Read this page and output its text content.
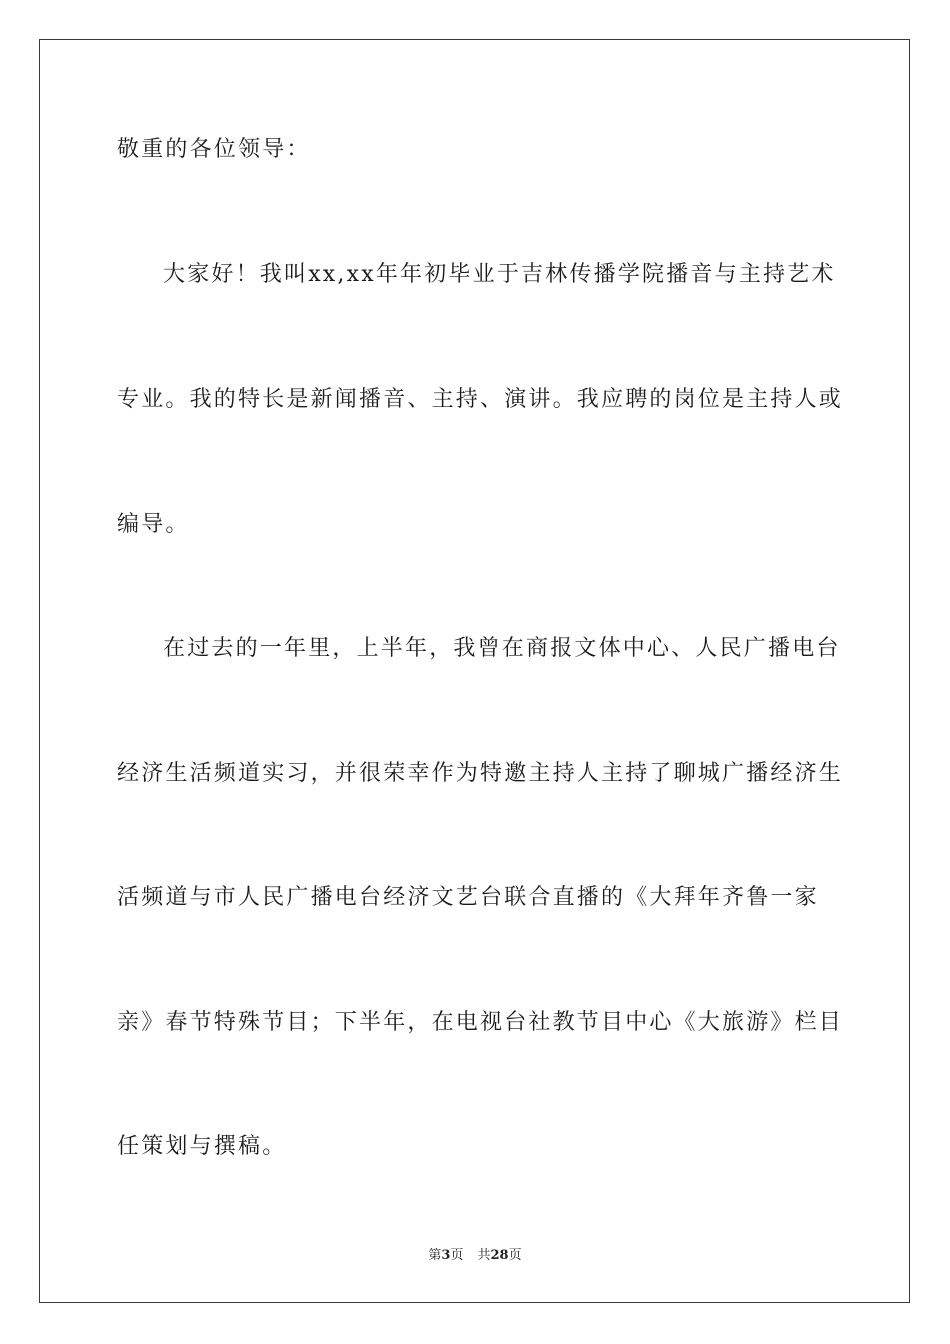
敬重的各位领导：
大家好！我叫xx,xx年年初毕业于吉林传播学院播音与主持艺术
专业。我的特长是新闻播音、主持、演讲。我应聘的岗位是主持人或
编导。
在过去的一年里，上半年，我曾在商报文体中心、人民广播电台
经济生活频道实习，并很荣幸作为特邀主持人主持了聊城广播经济生
活频道与市人民广播电台经济文艺台联合直播的《大拜年齐鲁一家
亲》春节特殊节目；下半年，在电视台社教节目中心《大旅游》栏目
任策划与撰稿。
第3页 共28页
